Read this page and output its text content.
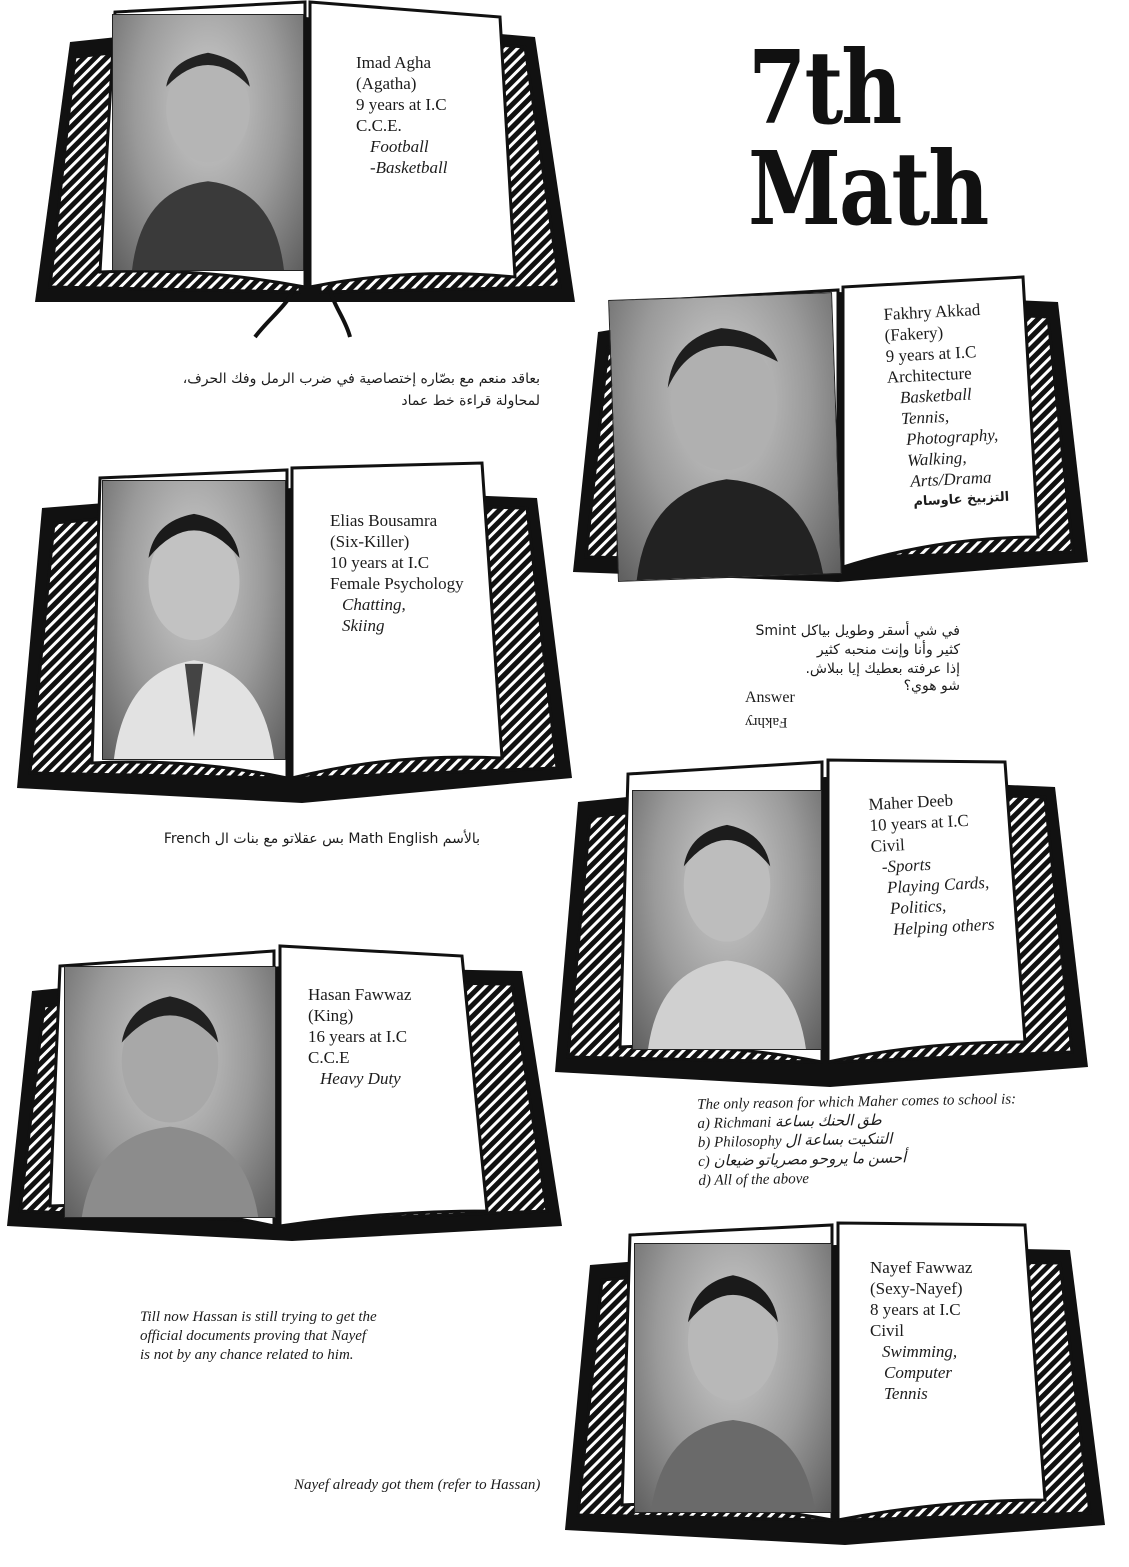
7th Math
Imad Agha
(Agatha)
9 years at I.C
C.C.E.
Football
-Basketball
بعاقد منعم مع بصّاره إختصاصية في ضرب الرمل وفك الحرف،
لمحاولة قراءة خط عماد
Fakhry Akkad
(Fakery)
9 years at I.C
Architecture
Basketball
Tennis,
Photography,
Walking,
Arts/Drama
التزبيخ عاوسام
في شي أسقر وطويل بياكل Smint
كثير وأنا وإنت منحبه كثير
إذا عرفته بعطيك إيا ببلاش.
شو هوي؟
Answer
Fakhry
Elias Bousamra
(Six-Killer)
10 years at I.C
Female Psychology
Chatting,
Skiing
بالأسم Math English بس عقلاتو مع بنات ال French
Maher Deeb
10 years at I.C
Civil
-Sports
Playing Cards,
Politics,
Helping others
The only reason for which Maher comes to school is:
a) Richmani طق الحنك بساعة
b) Philosophy التنكيت بساعة ال
c) أحسن ما يروحو مصرياتو ضيعان
d) All of the above
Hasan Fawwaz
(King)
16 years at I.C
C.C.E
Heavy Duty
Till now Hassan is still trying to get the
official documents proving that Nayef
is not by any chance related to him.
Nayef Fawwaz
(Sexy-Nayef)
8 years at I.C
Civil
Swimming,
Computer
Tennis
Nayef already got them (refer to Hassan)
